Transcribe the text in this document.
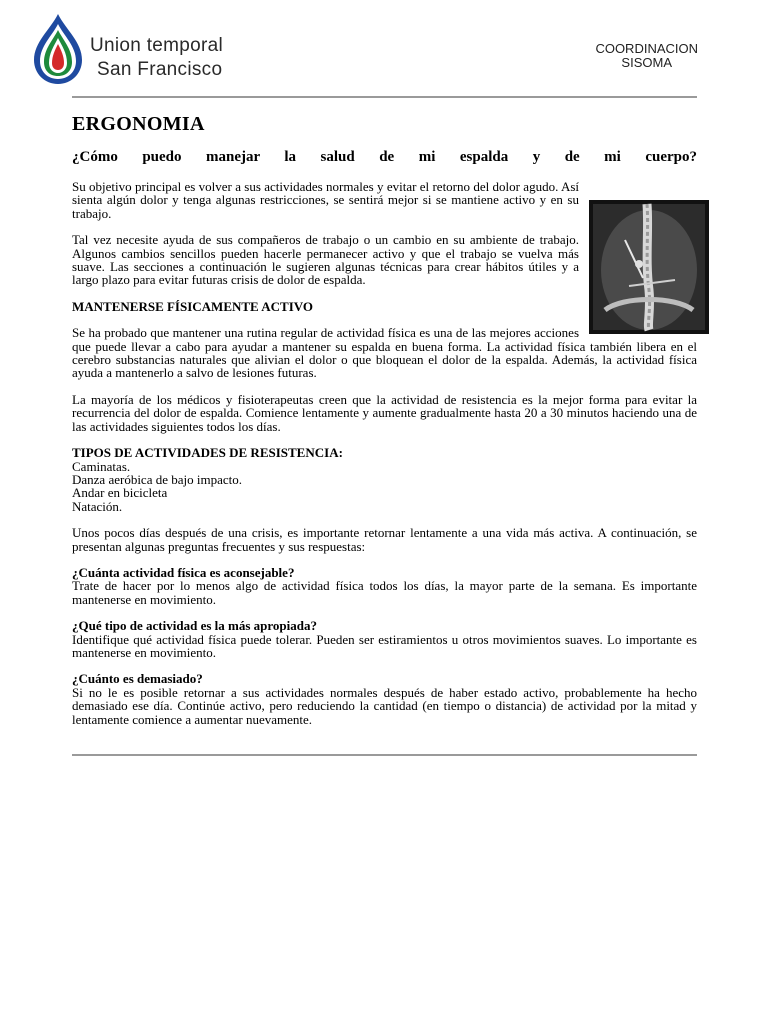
Union temporal
San Francisco
COORDINACION
SISOMA
ERGONOMIA
¿Cómo puedo manejar la salud de mi espalda y de mi cuerpo?

Su objetivo principal es volver a sus actividades normales y evitar el retorno del dolor agudo. Así sienta algún dolor y tenga algunas restricciones, se sentirá mejor si se mantiene activo y en su trabajo.

Tal vez necesite ayuda de sus compañeros de trabajo o un cambio en su ambiente de trabajo. Algunos cambios sencillos pueden hacerle permanecer activo y que el trabajo se vuelva más suave. Las secciones a continuación le sugieren algunas técnicas para crear hábitos útiles y a largo plazo para evitar futuras crisis de dolor de espalda.

MANTENERSE FÍSICAMENTE ACTIVO

Se ha probado que mantener una rutina regular de actividad física es una de las mejores acciones que puede llevar a cabo para ayudar a mantener su espalda en buena forma. La actividad física también libera en el cerebro substancias naturales que alivian el dolor o que bloquean el dolor de la espalda. Además, la actividad física ayuda a mantenerlo a salvo de lesiones futuras.

La mayoría de los médicos y fisioterapeutas creen que la actividad de resistencia es la mejor forma para evitar la recurrencia del dolor de espalda. Comience lentamente y aumente gradualmente hasta 20 a 30 minutos haciendo una de las actividades siguientes todos los días.

TIPOS DE ACTIVIDADES DE RESISTENCIA:
Caminatas.
Danza aeróbica de bajo impacto.
Andar en bicicleta
Natación.

Unos pocos días después de una crisis, es importante retornar lentamente a una vida más activa. A continuación, se presentan algunas preguntas frecuentes y sus respuestas:

¿Cuánta actividad física es aconsejable?

Trate de hacer por lo menos algo de actividad física todos los días, la mayor parte de la semana. Es importante mantenerse en movimiento.

¿Qué tipo de actividad es la más apropiada?

Identifique qué actividad física puede tolerar. Pueden ser estiramientos u otros movimientos suaves. Lo importante es mantenerse en movimiento.

¿Cuánto es demasiado?

Si no le es posible retornar a sus actividades normales después de haber estado activo, probablemente ha hecho demasiado ese día. Continúe activo, pero reduciendo la cantidad (en tiempo o distancia) de actividad por la mitad y lentamente comience a aumentar nuevamente.
